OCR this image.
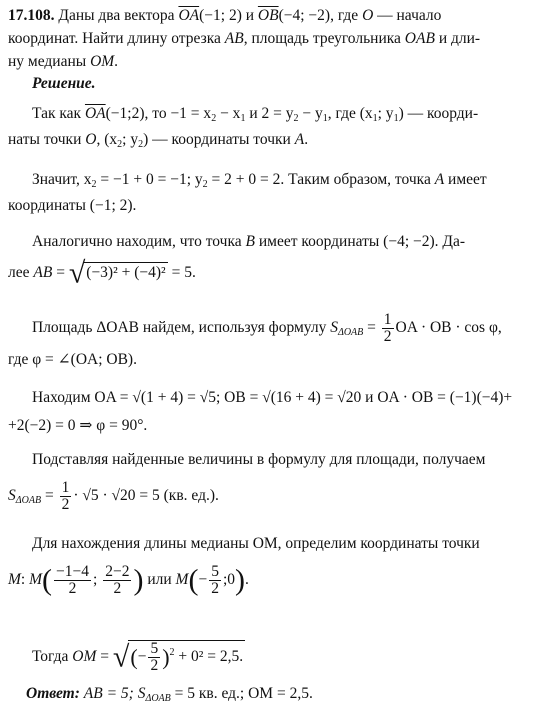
17.108. Даны два вектора $\overline{OA}(-1$; 2) и $\overline{OB}(-4$; −2), где O — начало
координат. Найти длину отрезка AB, площадь треугольника OAB и дли-
ну медианы OM.
Решение.
Так как $\overline{OA}(-1;2)$, то $-1 = x_2 - x_1$ и $2 = y_2 - y_1$, где ($x_1$; $y_1$) — коорди-
наты точки O, ($x_2$; $y_2$) — координаты точки A.
Значит, $x_2 = -1 + 0 = -1$; $y_2 = 2 + 0 = 2$. Таким образом, точка A имеет
координаты (−1; 2).
Аналогично находим, что точка B имеет координаты (−4; −2). Да-
лее AB = √(−3)² + (−4)² = 5.
Площадь ΔOAB найдем, используя формулу $S_{\Delta OAB} = \frac{1}{2}$ OA · OB · cos φ,
где φ = ∠(OA; OB).
Находим OA = √(1 + 4) = √5; OB = √(16 + 4) = √20 и OA · OB = (−1)(−4)+
+2(−2) = 0 ⇒ φ = 90°.
Подставляя найденные величины в формулу для площади, получаем
$S_{\Delta OAB} = \frac{1}{2} \cdot √5 \cdot √20 = 5$ (кв. ед.).
Для нахождения длины медианы OM, определим координаты точки
M: $M( \frac{-1-4}{2}$ ; $\frac{2-2}{2}$ ) или $M(- \frac{5}{2}$ ;0).
Тогда OM = √(− $\frac{5}{2} )^2 + 0^2 = 2,5$.
Ответ: AB = 5; $S_{\Delta OAB} = 5$ кв. ед.; OM = 2,5.
